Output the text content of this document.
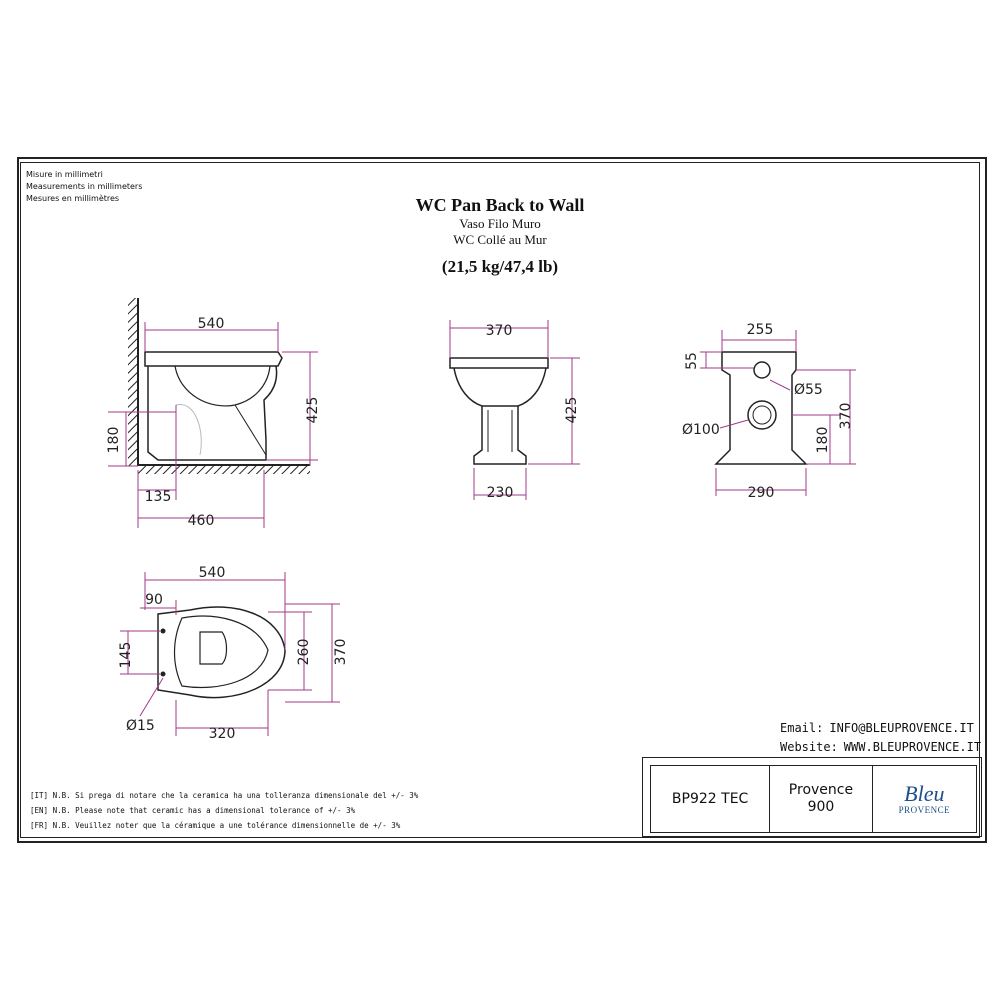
Misure in millimetri
Measurements in millimeters
Mesures en millimètres	WC Pan Back to Wall
Vaso Filo Muro
WC Collé au Mur
(21,5 kg/47,4 lb)
540
425
180
135
460
370
425
230
255
55
Ø55
Ø100	180
370
290
540
90
145	260 370
Ø15	320	Email: INFO@BLEUPROVENCE.IT
Website: WWW.BLEUPROVENCE.IT
[IT] N.B. Si prega di notare che la ceramica ha una tolleranza dimensionale del +/- 3%
[EN] N.B. Please note that ceramic has a dimensional tolerance of +/- 3%
[FR] N.B. Veuillez noter que la céramique a une tolérance dimensionnelle de +/- 3%
BP922 TEC
Provence
900
Bleu
PROVENCE
